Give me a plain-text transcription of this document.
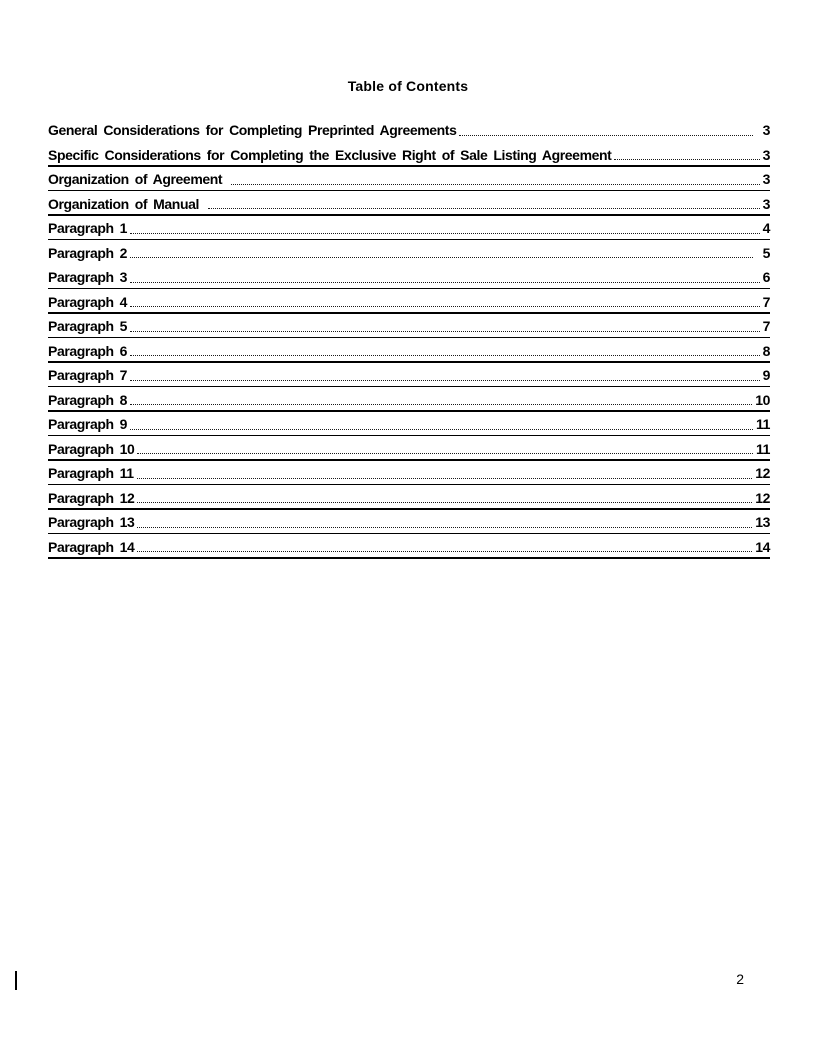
Table of Contents
General Considerations for Completing Preprinted Agreements	3
Specific Considerations for Completing the Exclusive Right of Sale Listing Agreement	3
Organization of Agreement	3
Organization of Manual	3
Paragraph 1	4
Paragraph 2	5
Paragraph 3	6
Paragraph 4	7
Paragraph 5	7
Paragraph 6	8
Paragraph 7	9
Paragraph 8	10
Paragraph 9	11
Paragraph 10	11
Paragraph 11	12
Paragraph 12	12
Paragraph 13	13
Paragraph 14	14
2
